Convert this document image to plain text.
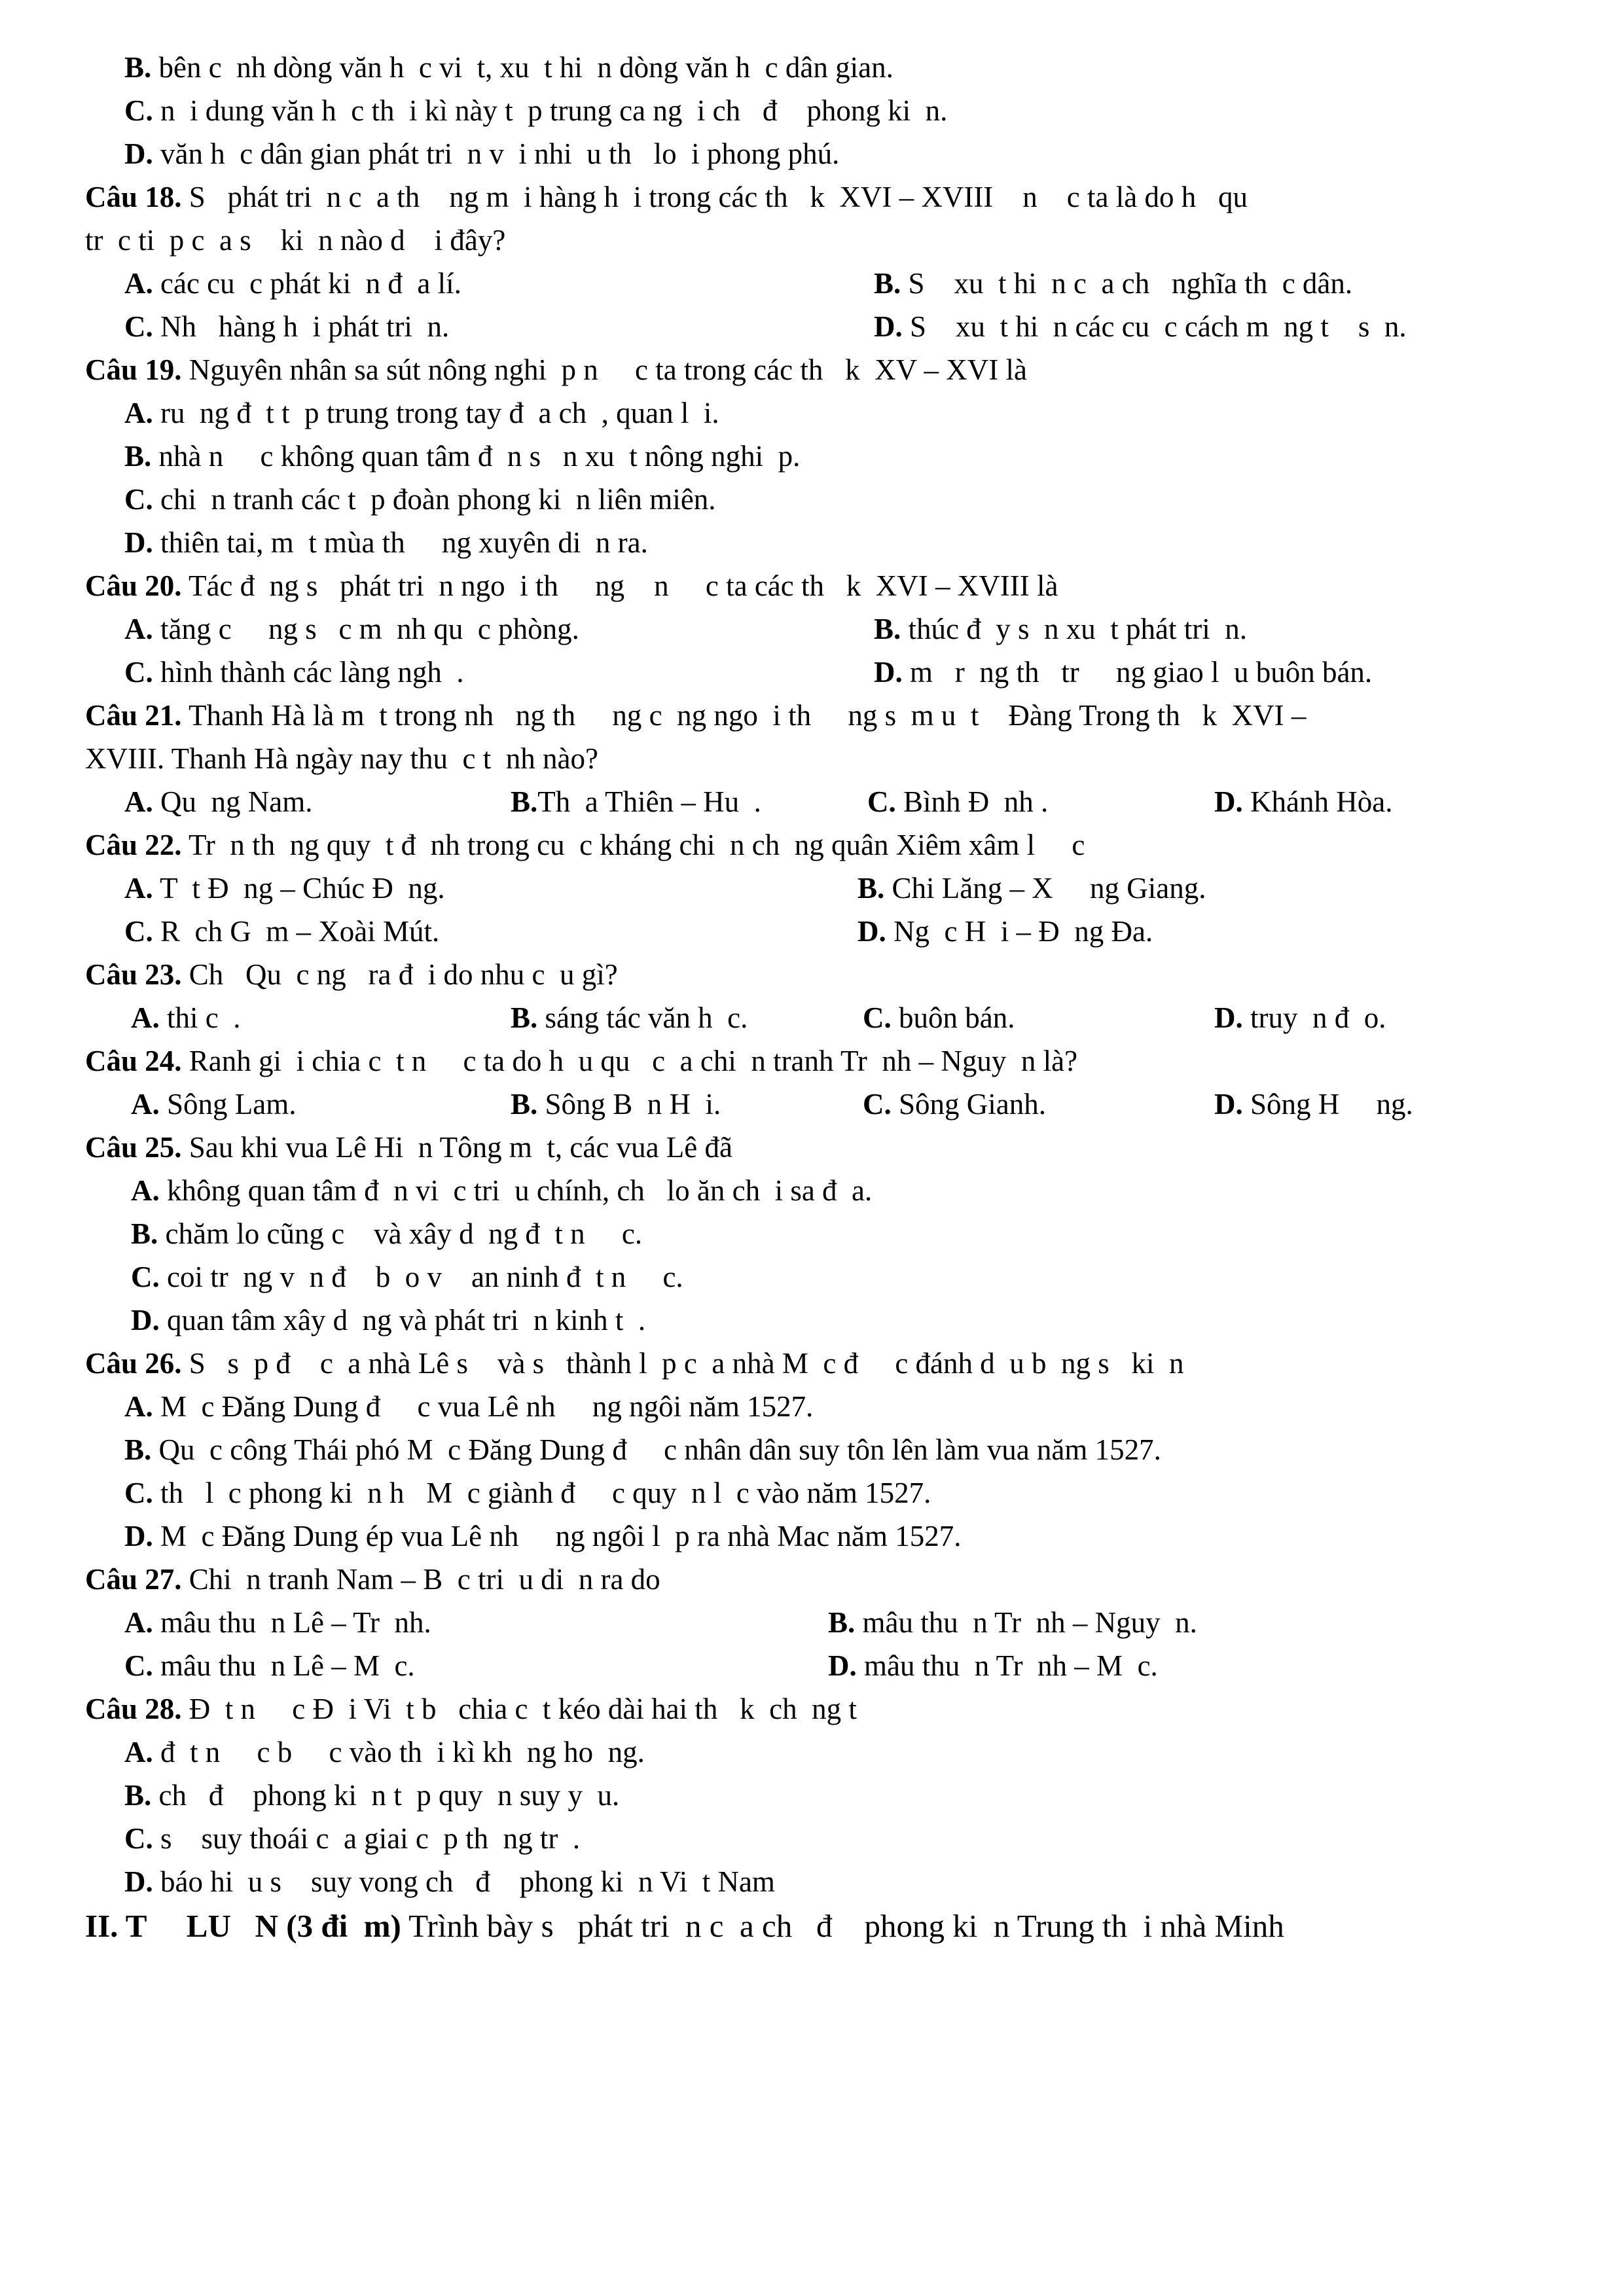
B. bên c  nh dòng văn h  c vi  t, xu  t hi  n dòng văn h  c dân gian.
C. n  i dung văn h  c th  i kì này t  p trung ca ng  i ch   đ    phong ki  n.
D. văn h  c dân gian phát tri  n v  i nhi  u th   lo  i phong phú.
Câu 18. S   phát tri  n c  a th    ng m  i hàng h  i trong các th   k  XVI – XVIII    n    c ta là do h   qu
tr  c ti  p c  a s    ki  n nào d    i đây?
A. các cu  c phát ki  n đ  a lí.	B. S    xu  t hi  n c  a ch   nghĩa th  c dân.
C. Nh   hàng h  i phát tri  n.	D. S    xu  t hi  n các cu  c cách m  ng t    s  n.
Câu 19. Nguyên nhân sa sút nông nghi  p n     c ta trong các th   k  XV – XVI là
A. ru  ng đ  t t  p trung trong tay đ  a ch  , quan l  i.
B. nhà n     c không quan tâm đ  n s   n xu  t nông nghi  p.
C. chi  n tranh các t  p đoàn phong ki  n liên miên.
D. thiên tai, m  t mùa th     ng xuyên di  n ra.
Câu 20. Tác đ  ng s   phát tri  n ngo  i th     ng    n     c ta các th   k  XVI – XVIII là
A. tăng c     ng s   c m  nh qu  c phòng.	B. thúc đ  y s  n xu  t phát tri  n.
C. hình thành các làng ngh  .	D. m   r  ng th   tr     ng giao l  u buôn bán.
Câu 21. Thanh Hà là m  t trong nh   ng th     ng c  ng ngo  i th     ng s  m u  t    Đàng Trong th   k  XVI –
XVIII. Thanh Hà ngày nay thu  c t  nh nào?
A. Qu  ng Nam.	B.Th  a Thiên – Hu  .	C. Bình Đ  nh .	D. Khánh Hòa.
Câu 22. Tr  n th  ng quy  t đ  nh trong cu  c kháng chi  n ch  ng quân Xiêm xâm l     c
A. T  t Đ  ng – Chúc Đ  ng.	B. Chi Lăng – X     ng Giang.
C. R  ch G  m – Xoài Mút.	D. Ng  c H  i – Đ  ng Đa.
Câu 23. Ch   Qu  c ng   ra đ  i do nhu c  u gì?
A. thi c  .	B. sáng tác văn h  c.	C. buôn bán.	D. truy  n đ  o.
Câu 24. Ranh gi  i chia c  t n     c ta do h  u qu   c  a chi  n tranh Tr  nh – Nguy  n là?
A. Sông Lam.	B. Sông B  n H  i.	C. Sông Gianh.	D. Sông H     ng.
Câu 25. Sau khi vua Lê Hi  n Tông m  t, các vua Lê đã
A. không quan tâm đ  n vi  c tri  u chính, ch   lo ăn ch  i sa đ  a.
B. chăm lo cũng c    và xây d  ng đ  t n     c.
C. coi tr  ng v  n đ    b  o v    an ninh đ  t n     c.
D. quan tâm xây d  ng và phát tri  n kinh t  .
Câu 26. S   s  p đ    c  a nhà Lê s    và s   thành l  p c  a nhà M  c đ     c đánh d  u b  ng s   ki  n
A. M  c Đăng Dung đ     c vua Lê nh     ng ngôi năm 1527.
B. Qu  c công Thái phó M  c Đăng Dung đ     c nhân dân suy tôn lên làm vua năm 1527.
C. th   l  c phong ki  n h   M  c giành đ     c quy  n l  c vào năm 1527.
D. M  c Đăng Dung ép vua Lê nh     ng ngôi l  p ra nhà Mac năm 1527.
Câu 27. Chi  n tranh Nam – B  c tri  u di  n ra do
A. mâu thu  n Lê – Tr  nh.	B. mâu thu  n Tr  nh – Nguy  n.
C. mâu thu  n Lê – M  c.	D. mâu thu  n Tr  nh – M  c.
Câu 28. Đ  t n     c Đ  i Vi  t b   chia c  t kéo dài hai th   k  ch  ng t
A. đ  t n     c b     c vào th  i kì kh  ng ho  ng.
B. ch   đ    phong ki  n t  p quy  n suy y  u.
C. s    suy thoái c  a giai c  p th  ng tr  .
D. báo hi  u s    suy vong ch   đ    phong ki  n Vi  t Nam
II. T     LU   N (3 đi  m) Trình bày s   phát tri  n c  a ch   đ    phong ki  n Trung th  i nhà Minh
